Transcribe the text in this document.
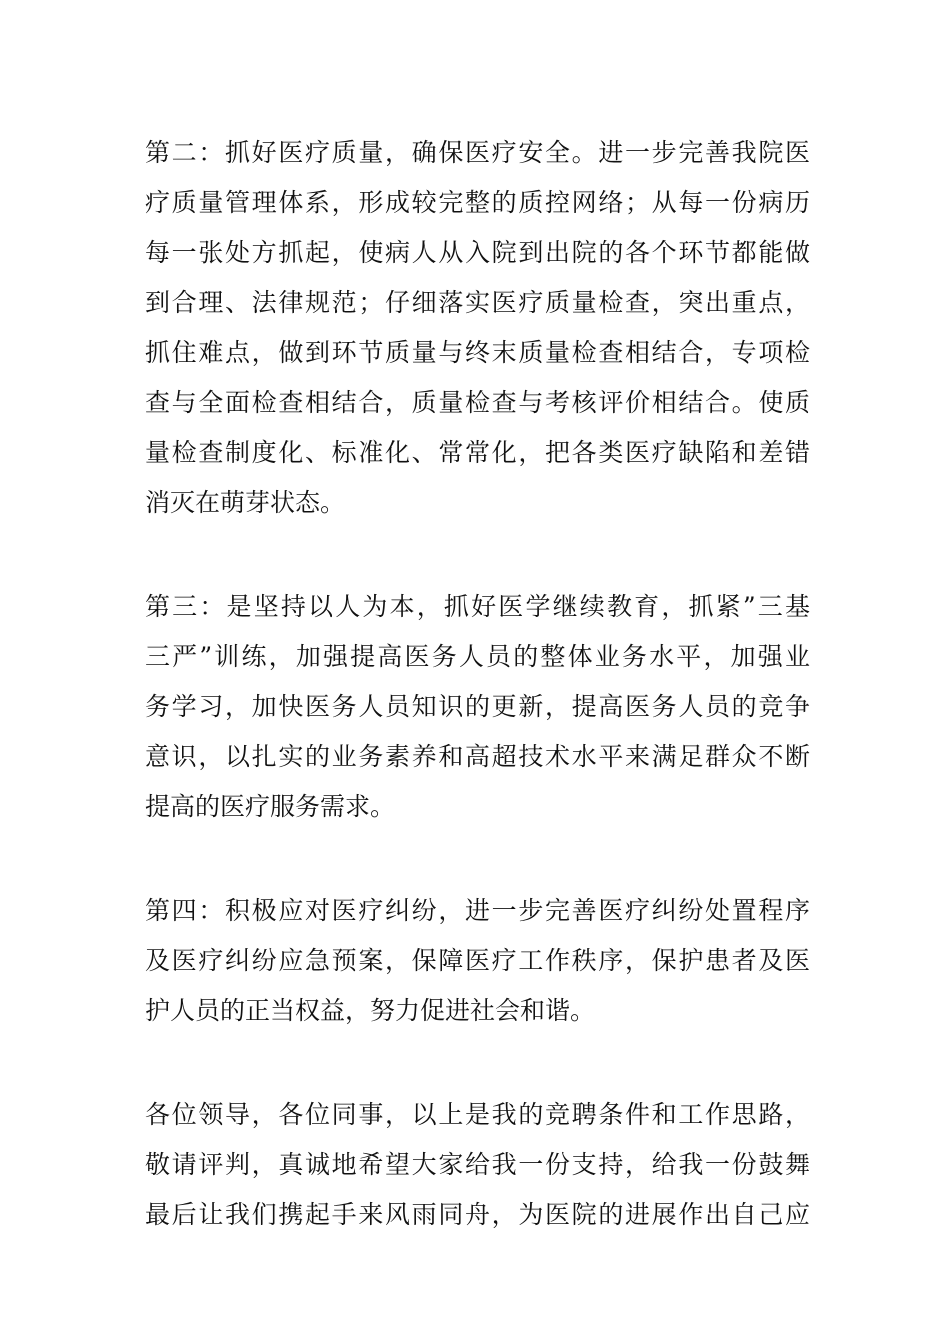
第二：抓好医疗质量，确保医疗安全。进一步完善我院医
疗质量管理体系，形成较完整的质控网络；从每一份病历
每一张处方抓起，使病人从入院到出院的各个环节都能做
到合理、法律规范；仔细落实医疗质量检查，突出重点，
抓住难点，做到环节质量与终末质量检查相结合，专项检
查与全面检查相结合，质量检查与考核评价相结合。使质
量检查制度化、标准化、常常化，把各类医疗缺陷和差错
消灭在萌芽状态。
第三：是坚持以人为本，抓好医学继续教育，抓紧”三基
三严”训练，加强提高医务人员的整体业务水平，加强业
务学习，加快医务人员知识的更新，提高医务人员的竞争
意识，以扎实的业务素养和高超技术水平来满足群众不断
提高的医疗服务需求。
第四：积极应对医疗纠纷，进一步完善医疗纠纷处置程序
及医疗纠纷应急预案，保障医疗工作秩序，保护患者及医
护人员的正当权益，努力促进社会和谐。
各位领导，各位同事，以上是我的竞聘条件和工作思路，
敬请评判，真诚地希望大家给我一份支持，给我一份鼓舞
最后让我们携起手来风雨同舟，为医院的进展作出自己应
